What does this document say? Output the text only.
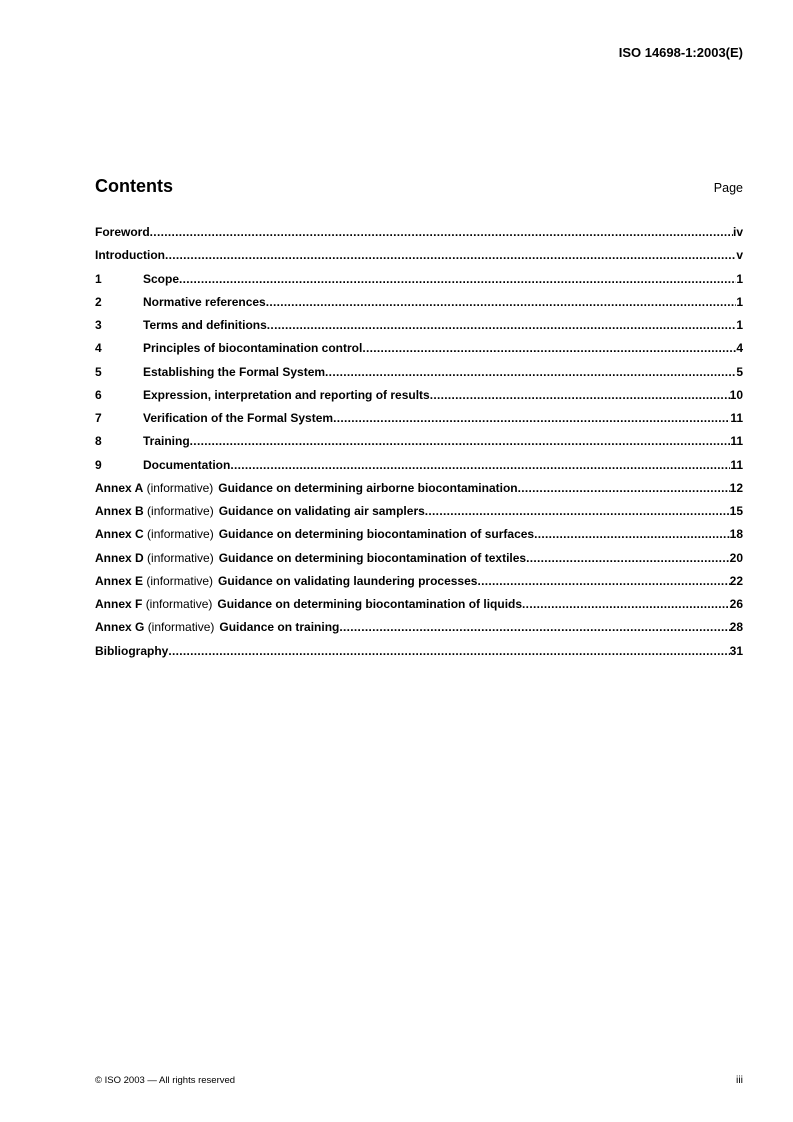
ISO 14698-1:2003(E)
Contents	Page
Foreword .....	iv
Introduction .....	v
1	Scope .....	1
2	Normative references .....	1
3	Terms and definitions .....	1
4	Principles of biocontamination control .....	4
5	Establishing the Formal System .....	5
6	Expression, interpretation and reporting of results .....	10
7	Verification of the Formal System .....	11
8	Training .....	11
9	Documentation .....	11
Annex A (informative) Guidance on determining airborne biocontamination .....	12
Annex B (informative) Guidance on validating air samplers .....	15
Annex C (informative) Guidance on determining biocontamination of surfaces .....	18
Annex D (informative) Guidance on determining biocontamination of textiles .....	20
Annex E (informative) Guidance on validating laundering processes .....	22
Annex F (informative) Guidance on determining biocontamination of liquids .....	26
Annex G (informative) Guidance on training .....	28
Bibliography .....	31
© ISO 2003 — All rights reserved	iii
